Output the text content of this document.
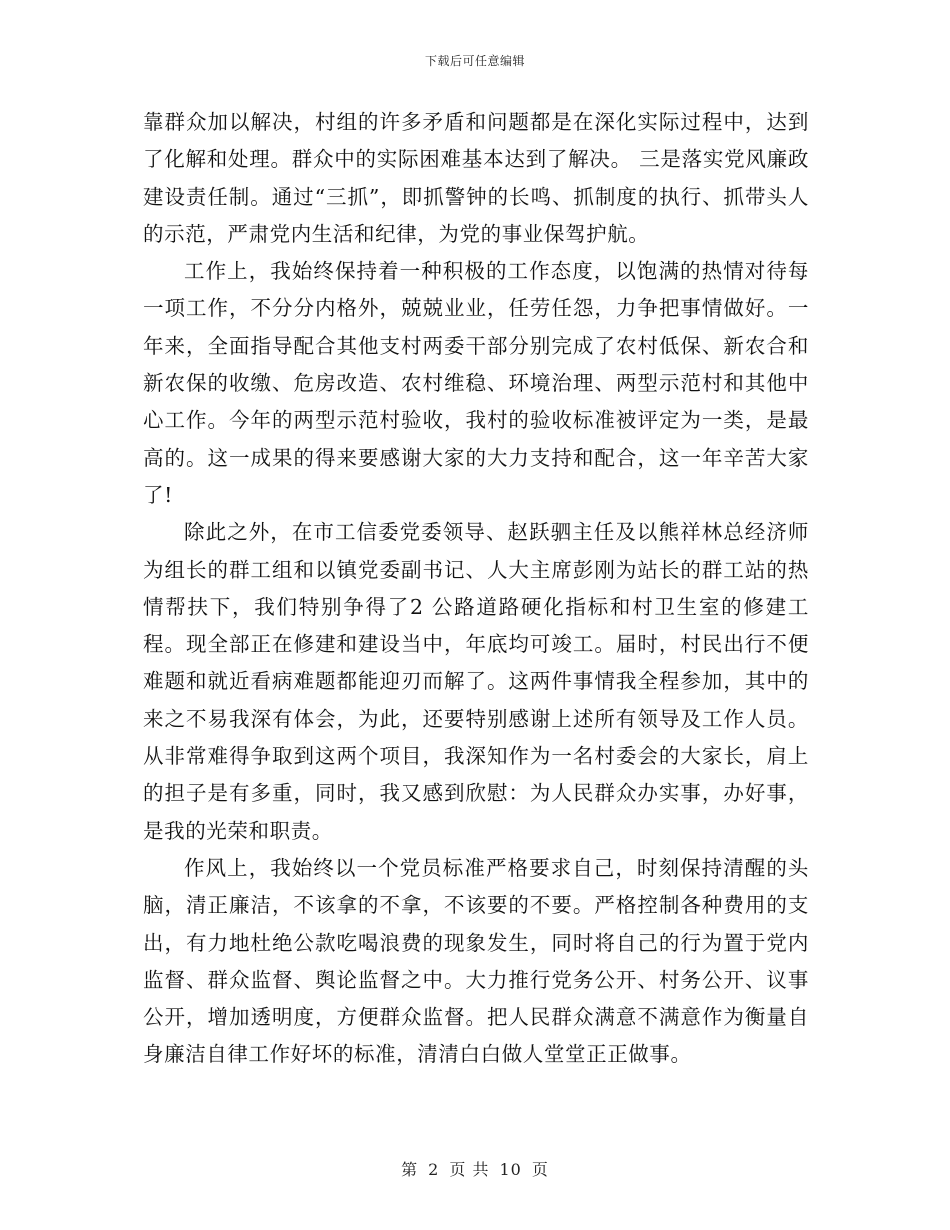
下载后可任意编辑

靠群众加以解决，村组的许多矛盾和问题都是在深化实际过程中，达到了化解和处理。群众中的实际困难基本达到了解决。 三是落实党风廉政建设责任制。通过“三抓”，即抓警钟的长鸣、抓制度的执行、抓带头人的示范，严肃党内生活和纪律，为党的事业保驾护航。

工作上，我始终保持着一种积极的工作态度，以饱满的热情对待每一项工作，不分分内格外，兢兢业业，任劳任怨，力争把事情做好。一年来，全面指导配合其他支村两委干部分别完成了农村低保、新农合和新农保的收缴、危房改造、农村维稳、环境治理、两型示范村和其他中心工作。今年的两型示范村验收，我村的验收标准被评定为一类，是最高的。这一成果的得来要感谢大家的大力支持和配合，这一年辛苦大家了!

除此之外，在市工信委党委领导、赵跃驷主任及以熊祥林总经济师为组长的群工组和以镇党委副书记、人大主席彭刚为站长的群工站的热情帮扶下，我们特别争得了2 公路道路硬化指标和村卫生室的修建工程。现全部正在修建和建设当中，年底均可竣工。届时，村民出行不便难题和就近看病难题都能迎刃而解了。这两件事情我全程参加，其中的来之不易我深有体会，为此，还要特别感谢上述所有领导及工作人员。从非常难得争取到这两个项目，我深知作为一名村委会的大家长，肩上的担子是有多重，同时，我又感到欣慰：为人民群众办实事，办好事，是我的光荣和职责。

作风上，我始终以一个党员标准严格要求自己，时刻保持清醒的头脑，清正廉洁，不该拿的不拿，不该要的不要。严格控制各种费用的支出，有力地杜绝公款吃喝浪费的现象发生，同时将自己的行为置于党内监督、群众监督、舆论监督之中。大力推行党务公开、村务公开、议事公开，增加透明度，方便群众监督。把人民群众满意不满意作为衡量自身廉洁自律工作好坏的标准，清清白白做人堂堂正正做事。

第 2 页 共 10 页
